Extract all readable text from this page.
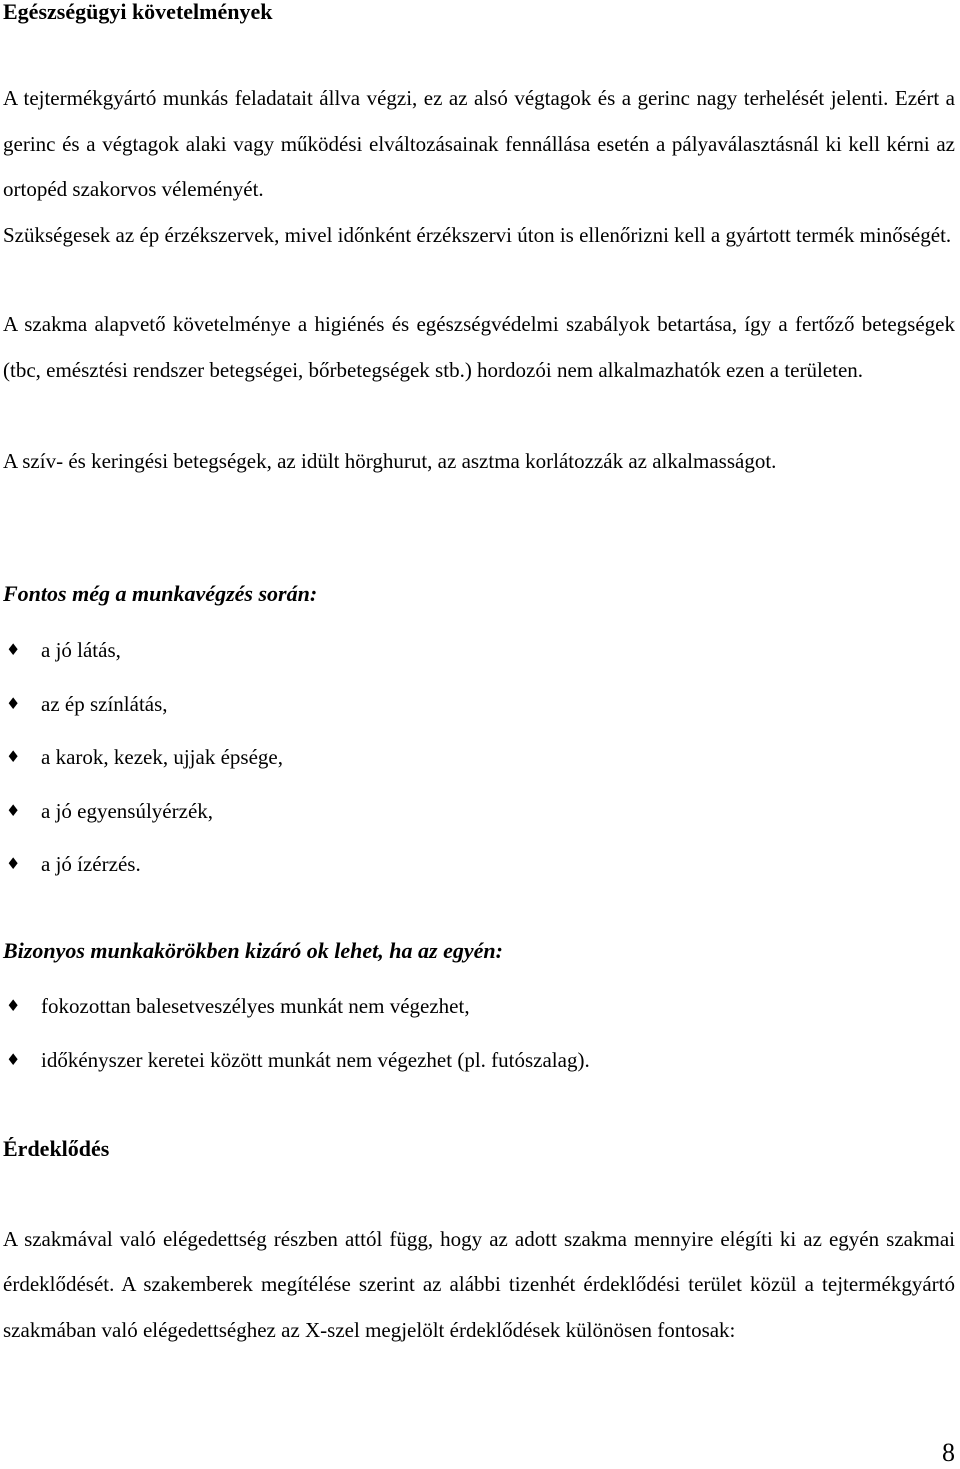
Egészségügyi követelmények

A tejtermékgyártó munkás feladatait állva végzi, ez az alsó végtagok és a gerinc nagy terhelését jelenti. Ezért a gerinc és a végtagok alaki vagy működési elváltozásainak fennállása esetén a pályaválasztásnál ki kell kérni az ortopéd szakorvos véleményét.

Szükségesek az ép érzékszervek, mivel időnként érzékszervi úton is ellenőrizni kell a gyártott termék minőségét.

A szakma alapvető követelménye a higiénés és egészségvédelmi szabályok betartása, így a fertőző betegségek (tbc, emésztési rendszer betegségei, bőrbetegségek stb.) hordozói nem alkalmazhatók ezen a területen.

A szív- és keringési betegségek, az idült hörghurut, az asztma korlátozzák az alkalmasságot.

Fontos még a munkavégzés során:
♦ a jó látás,
♦ az ép színlátás,
♦ a karok, kezek, ujjak épsége,
♦ a jó egyensúlyérzék,
♦ a jó ízérzés.
Bizonyos munkakörökben kizáró ok lehet, ha az egyén:
♦ fokozottan balesetveszélyes munkát nem végezhet,
♦ időkényszer keretei között munkát nem végezhet (pl. futószalag).
Érdeklődés

A szakmával való elégedettség részben attól függ, hogy az adott szakma mennyire elégíti ki az egyén szakmai érdeklődését. A szakemberek megítélése szerint az alábbi tizenhét érdeklődési terület közül a tejtermékgyártó szakmában való elégedettséghez az X-szel megjelölt érdeklődések különösen fontosak:

8
